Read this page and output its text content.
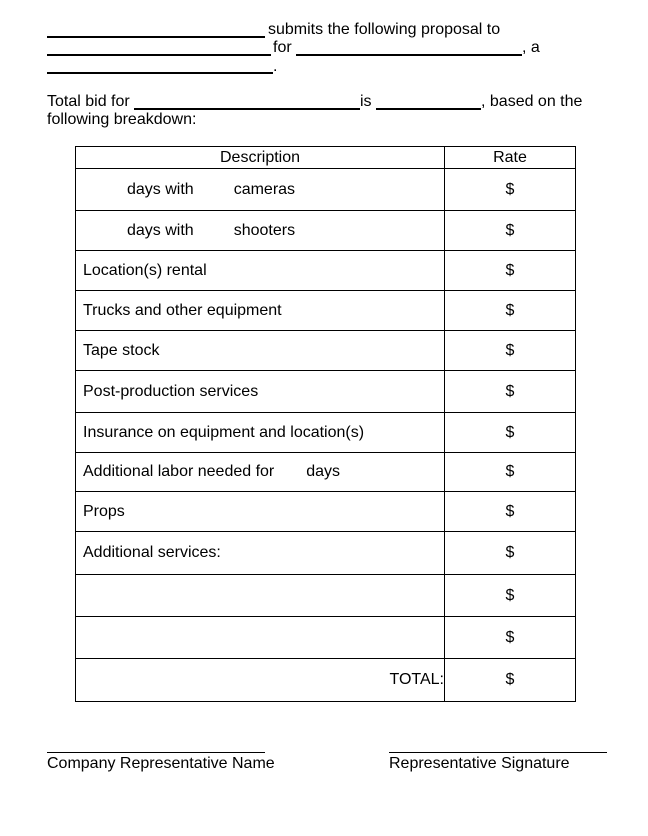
submits the following proposal to
for	, a
.
Total bid for	is	, based on the
following breakdown:
Description	Rate
days with cameras	$
days with shooters	$
Location(s) rental	$
Trucks and other equipment	$
Tape stock	$
Post-production services	$
Insurance on equipment and location(s)	$
Additional labor needed for days	$
Props	$
Additional services:	$
	$
	$
TOTAL:	$
Company Representative Name	Representative Signature
